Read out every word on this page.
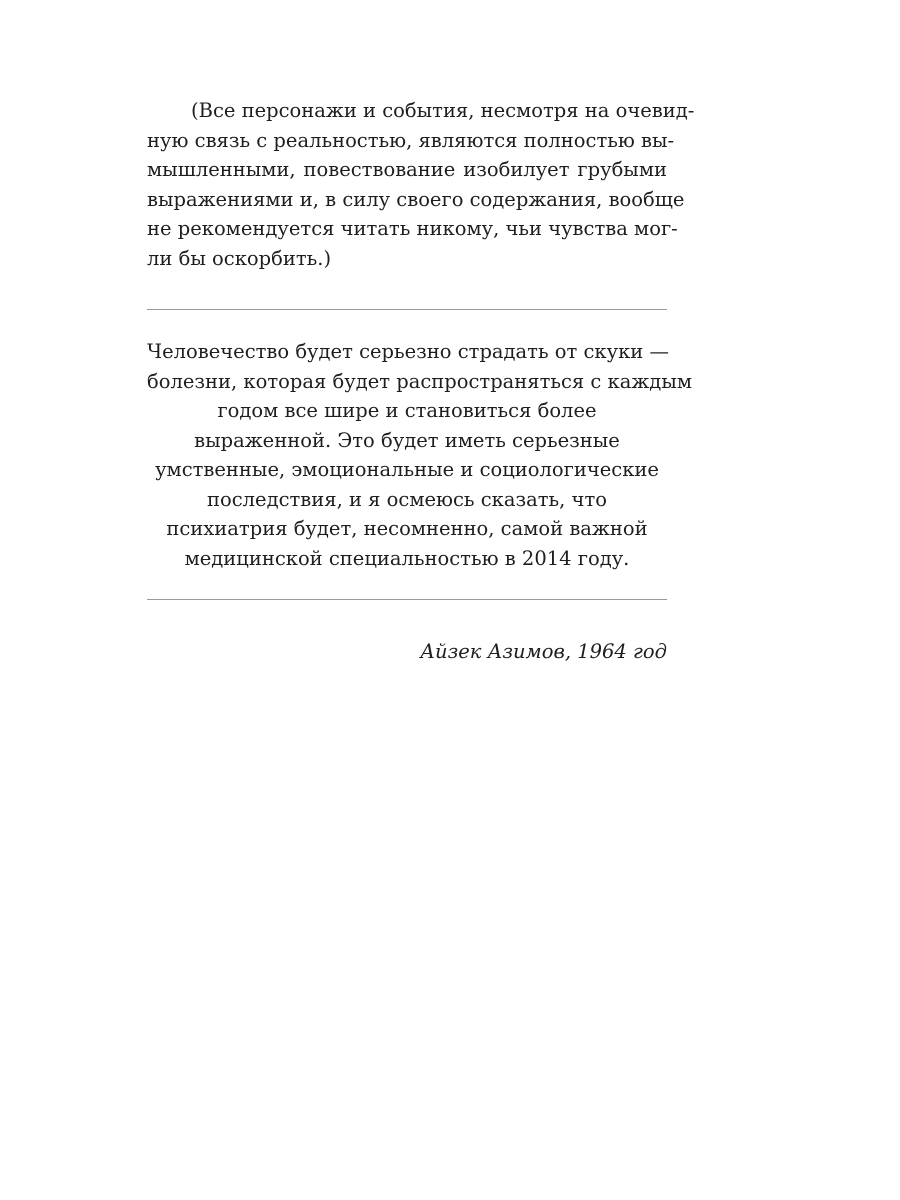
(Все персонажи и события, несмотря на очевид-
ную связь с реальностью, являются полностью вы-
мышленными, повествование изобилует грубыми
выражениями и, в силу своего содержания, вообще
не рекомендуется читать никому, чьи чувства мог-
ли бы оскорбить.)

Человечество будет серьезно страдать от скуки —
болезни, которая будет распространяться с каждым
годом все шире и становиться более
выраженной. Это будет иметь серьезные
умственные, эмоциональные и социологические
последствия, и я осмеюсь сказать, что
психиатрия будет, несомненно, самой важной
медицинской специальностью в 2014 году.
Айзек Азимов, 1964 год
